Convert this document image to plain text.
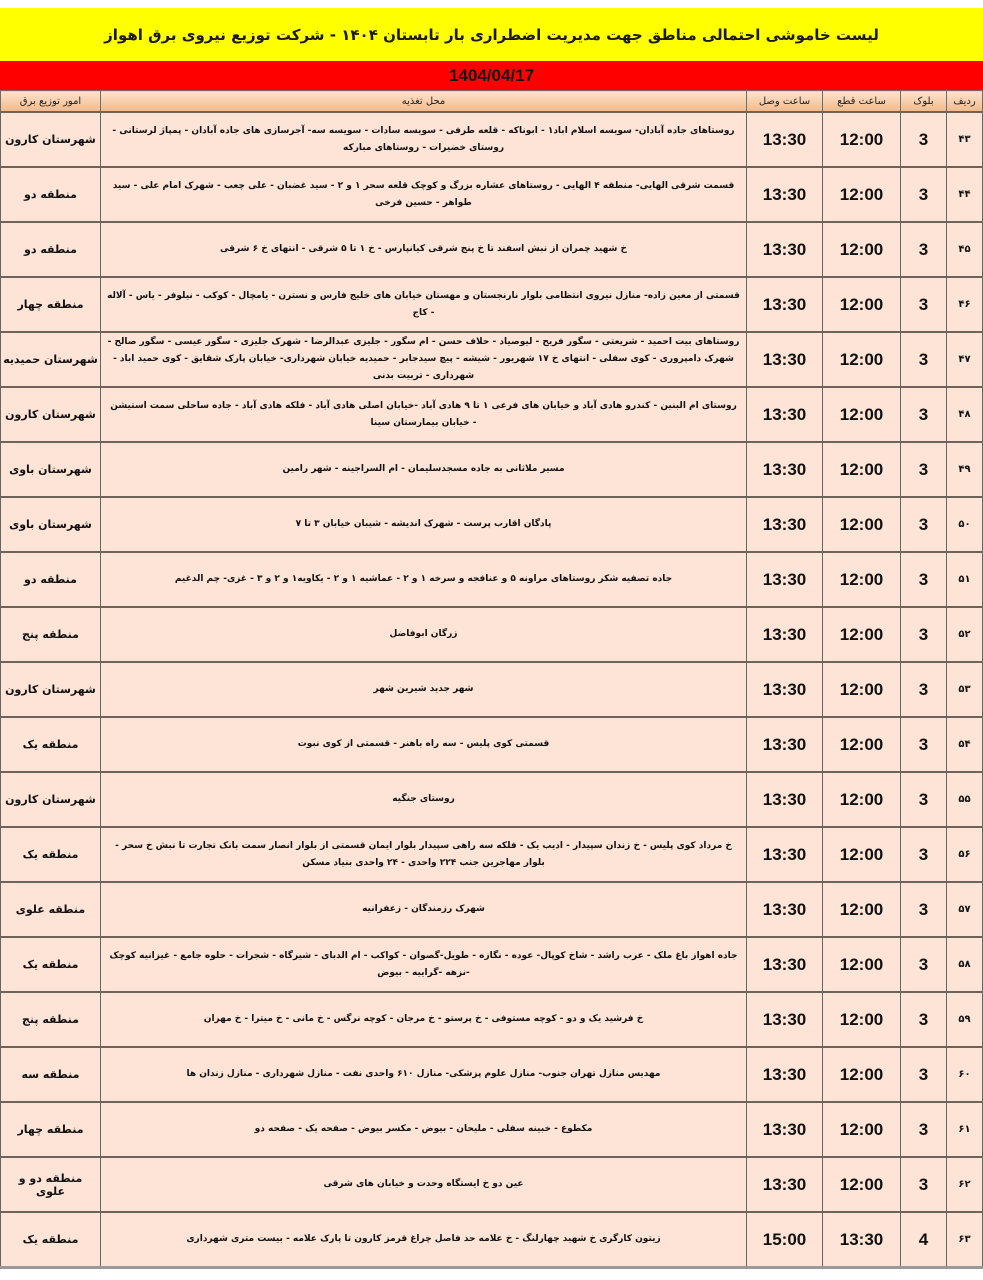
لیست خاموشی احتمالی مناطق جهت مدیریت اضطراری بار تابستان ۱۴۰۴ - شرکت توزیع نیروی برق اهواز
1404/04/17
ردیف	بلوک	ساعت قطع	ساعت وصل	محل تغذیه	امور توزیع برق
۴۳	3	12:00	13:30	روستاهای جاده آبادان- سویسه اسلام اباد۱ - ابوناکه - قلعه طرفی - سویسه سادات - سویسه سه- آجرسازی های جاده آبادان - پمپاژ لرستانی - روستای خضیرات - روستاهای مبارکه	شهرستان کارون
۴۴	3	12:00	13:30	قسمت شرقی الهایی- منطقه ۴ الهایی - روستاهای عشاره بزرگ و کوچک قلعه سحر ۱ و ۲ - سید غضبان - علی چعب - شهرک امام علی - سید طواهر - حسین فرخی	منطقه دو
۴۵	3	12:00	13:30	خ شهید چمران از نبش اسفند تا خ پنج شرقی کیانپارس - خ ۱ تا ۵ شرقی - انتهای خ ۶ شرقی	منطقه دو
۴۶	3	12:00	13:30	قسمتی از معین زاده- منازل نیروی انتظامی بلوار نارنجستان و مهستان خیابان های خلیج فارس و نسترن - یامچال - کوکب - نیلوفر - یاس - آلاله - کاج	منطقه چهار
۴۷	3	12:00	13:30	روستاهای بیت احمید - شریعتی - سگور فریح - لیوصیاد - حلاف حسن - ام سگور - جلیزی عبدالرضا - شهرک جلیزی - سگور عیسی - سگور صالح - شهرک دامپروری - کوی سفلی - انتهای خ ۱۷ شهریور - شیشه - پیچ سیدجابر - حمیدیه خیابان شهرداری- خیابان پارک شقایق - کوی حمید اباد - شهرداری - تربیت بدنی	شهرستان حمیدیه
۴۸	3	12:00	13:30	روستای ام البنین - کندرو هادی آباد و خیابان های فرعی ۱ تا ۹ هادی آباد -خیابان اصلی هادی آباد - فلکه هادی آباد - جاده ساحلی سمت استیشن - خیابان بیمارستان سینا	شهرستان کارون
۴۹	3	12:00	13:30	مسیر ملاثانی به جاده مسجدسلیمان - ام السراجینه - شهر رامین	شهرستان باوی
۵۰	3	12:00	13:30	پادگان اقارب پرست - شهرک اندیشه - شیبان خیابان ۳ تا ۷	شهرستان باوی
۵۱	3	12:00	13:30	جاده تصفیه شکر روستاهای مراونه ۵ و عنافجه و سرخه ۱ و ۲ - عماشیه ۱ و ۲ - یکاویه۱ و ۲ و ۳ - غزی- چم الدغیم	منطقه دو
۵۲	3	12:00	13:30	زرگان ابوفاضل	منطقه پنج
۵۳	3	12:00	13:30	شهر جدید شیرین شهر	شهرستان کارون
۵۴	3	12:00	13:30	قسمتی کوی پلیس - سه راه باهنر - قسمتی از کوی نبوت	منطقه یک
۵۵	3	12:00	13:30	روستای جنگیه	شهرستان کارون
۵۶	3	12:00	13:30	خ مرداد کوی پلیس - خ زندان سپیدار - ادیب یک - فلکه سه راهی سپیدار بلوار ایمان قسمتی از بلوار انصار سمت بانک تجارت تا نبش خ سحر - بلوار مهاجرین جنب ۲۲۴ واحدی - ۲۴ واحدی بنیاد مسکن	منطقه یک
۵۷	3	12:00	13:30	شهرک رزمندگان - زعفرانیه	منطقه علوی
۵۸	3	12:00	13:30	جاده اهواز باغ ملک - عرب راشد - شاخ کوپال- عوده - نگازه - طویل-گصوان - کواکب - ام الدبای - شیرگاه - شجرات - حلوه جامع - غیزانیه کوچک -نزهه -گراییه - بیوض	منطقه یک
۵۹	3	12:00	13:30	خ فرشید یک و دو - کوچه مستوفی - خ پرستو - خ مرجان - کوچه نرگس - خ مانی - خ میترا - خ مهران	منطقه پنج
۶۰	3	12:00	13:30	مهدیس منازل تهران جنوب- منازل علوم پزشکی- منازل ۶۱۰ واحدی نفت - منازل شهرداری - منازل زندان ها	منطقه سه
۶۱	3	12:00	13:30	مکطوع - خبینه سفلی - ملیحان - بیوض - مکسر بیوض - صفحه یک - صفحه دو	منطقه چهار
۶۲	3	12:00	13:30	عین دو خ ایستگاه وحدت و خیابان های شرقی	منطقه دو و علوی
۶۳	4	13:30	15:00	زیتون کارگری خ شهید چهارلنگ - خ علامه حد فاصل چراغ قرمز کارون تا پارک علامه - بیست متری شهرداری	منطقه یک
